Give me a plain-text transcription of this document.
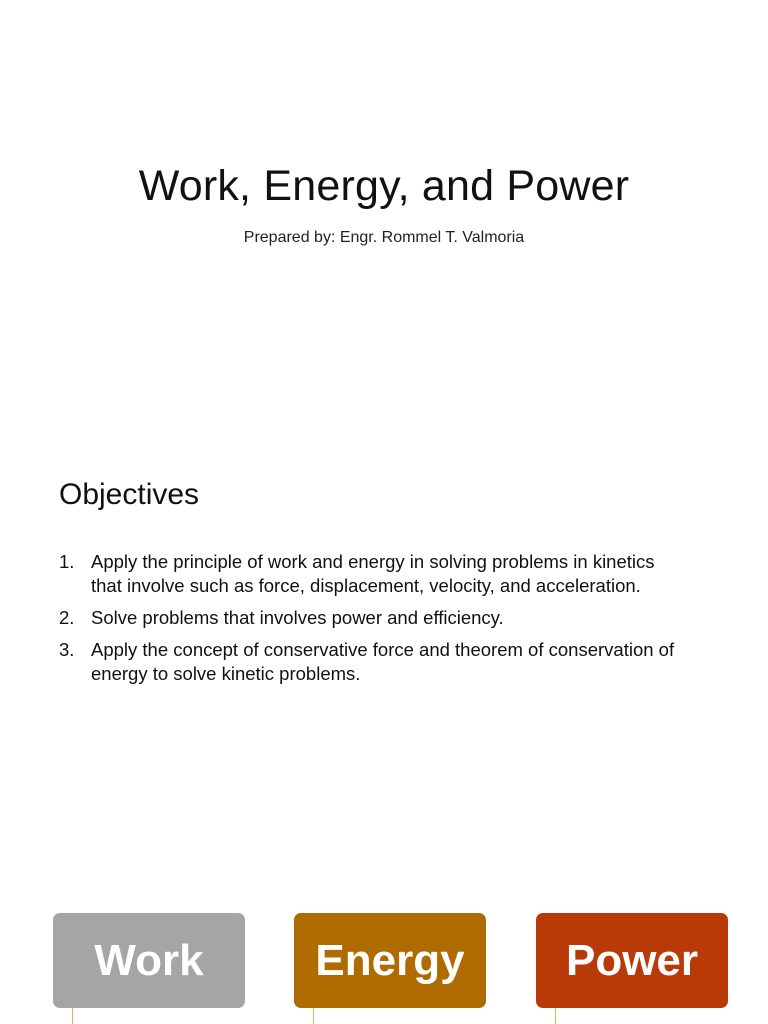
Work, Energy, and Power
Prepared by: Engr. Rommel T. Valmoria
Objectives
1. Apply the principle of work and energy in solving problems in kinetics that involve such as force, displacement, velocity, and acceleration.
2. Solve problems that involves power and efficiency.
3. Apply the concept of conservative force and theorem of conservation of energy to solve kinetic problems.
Work	Energy	Power
